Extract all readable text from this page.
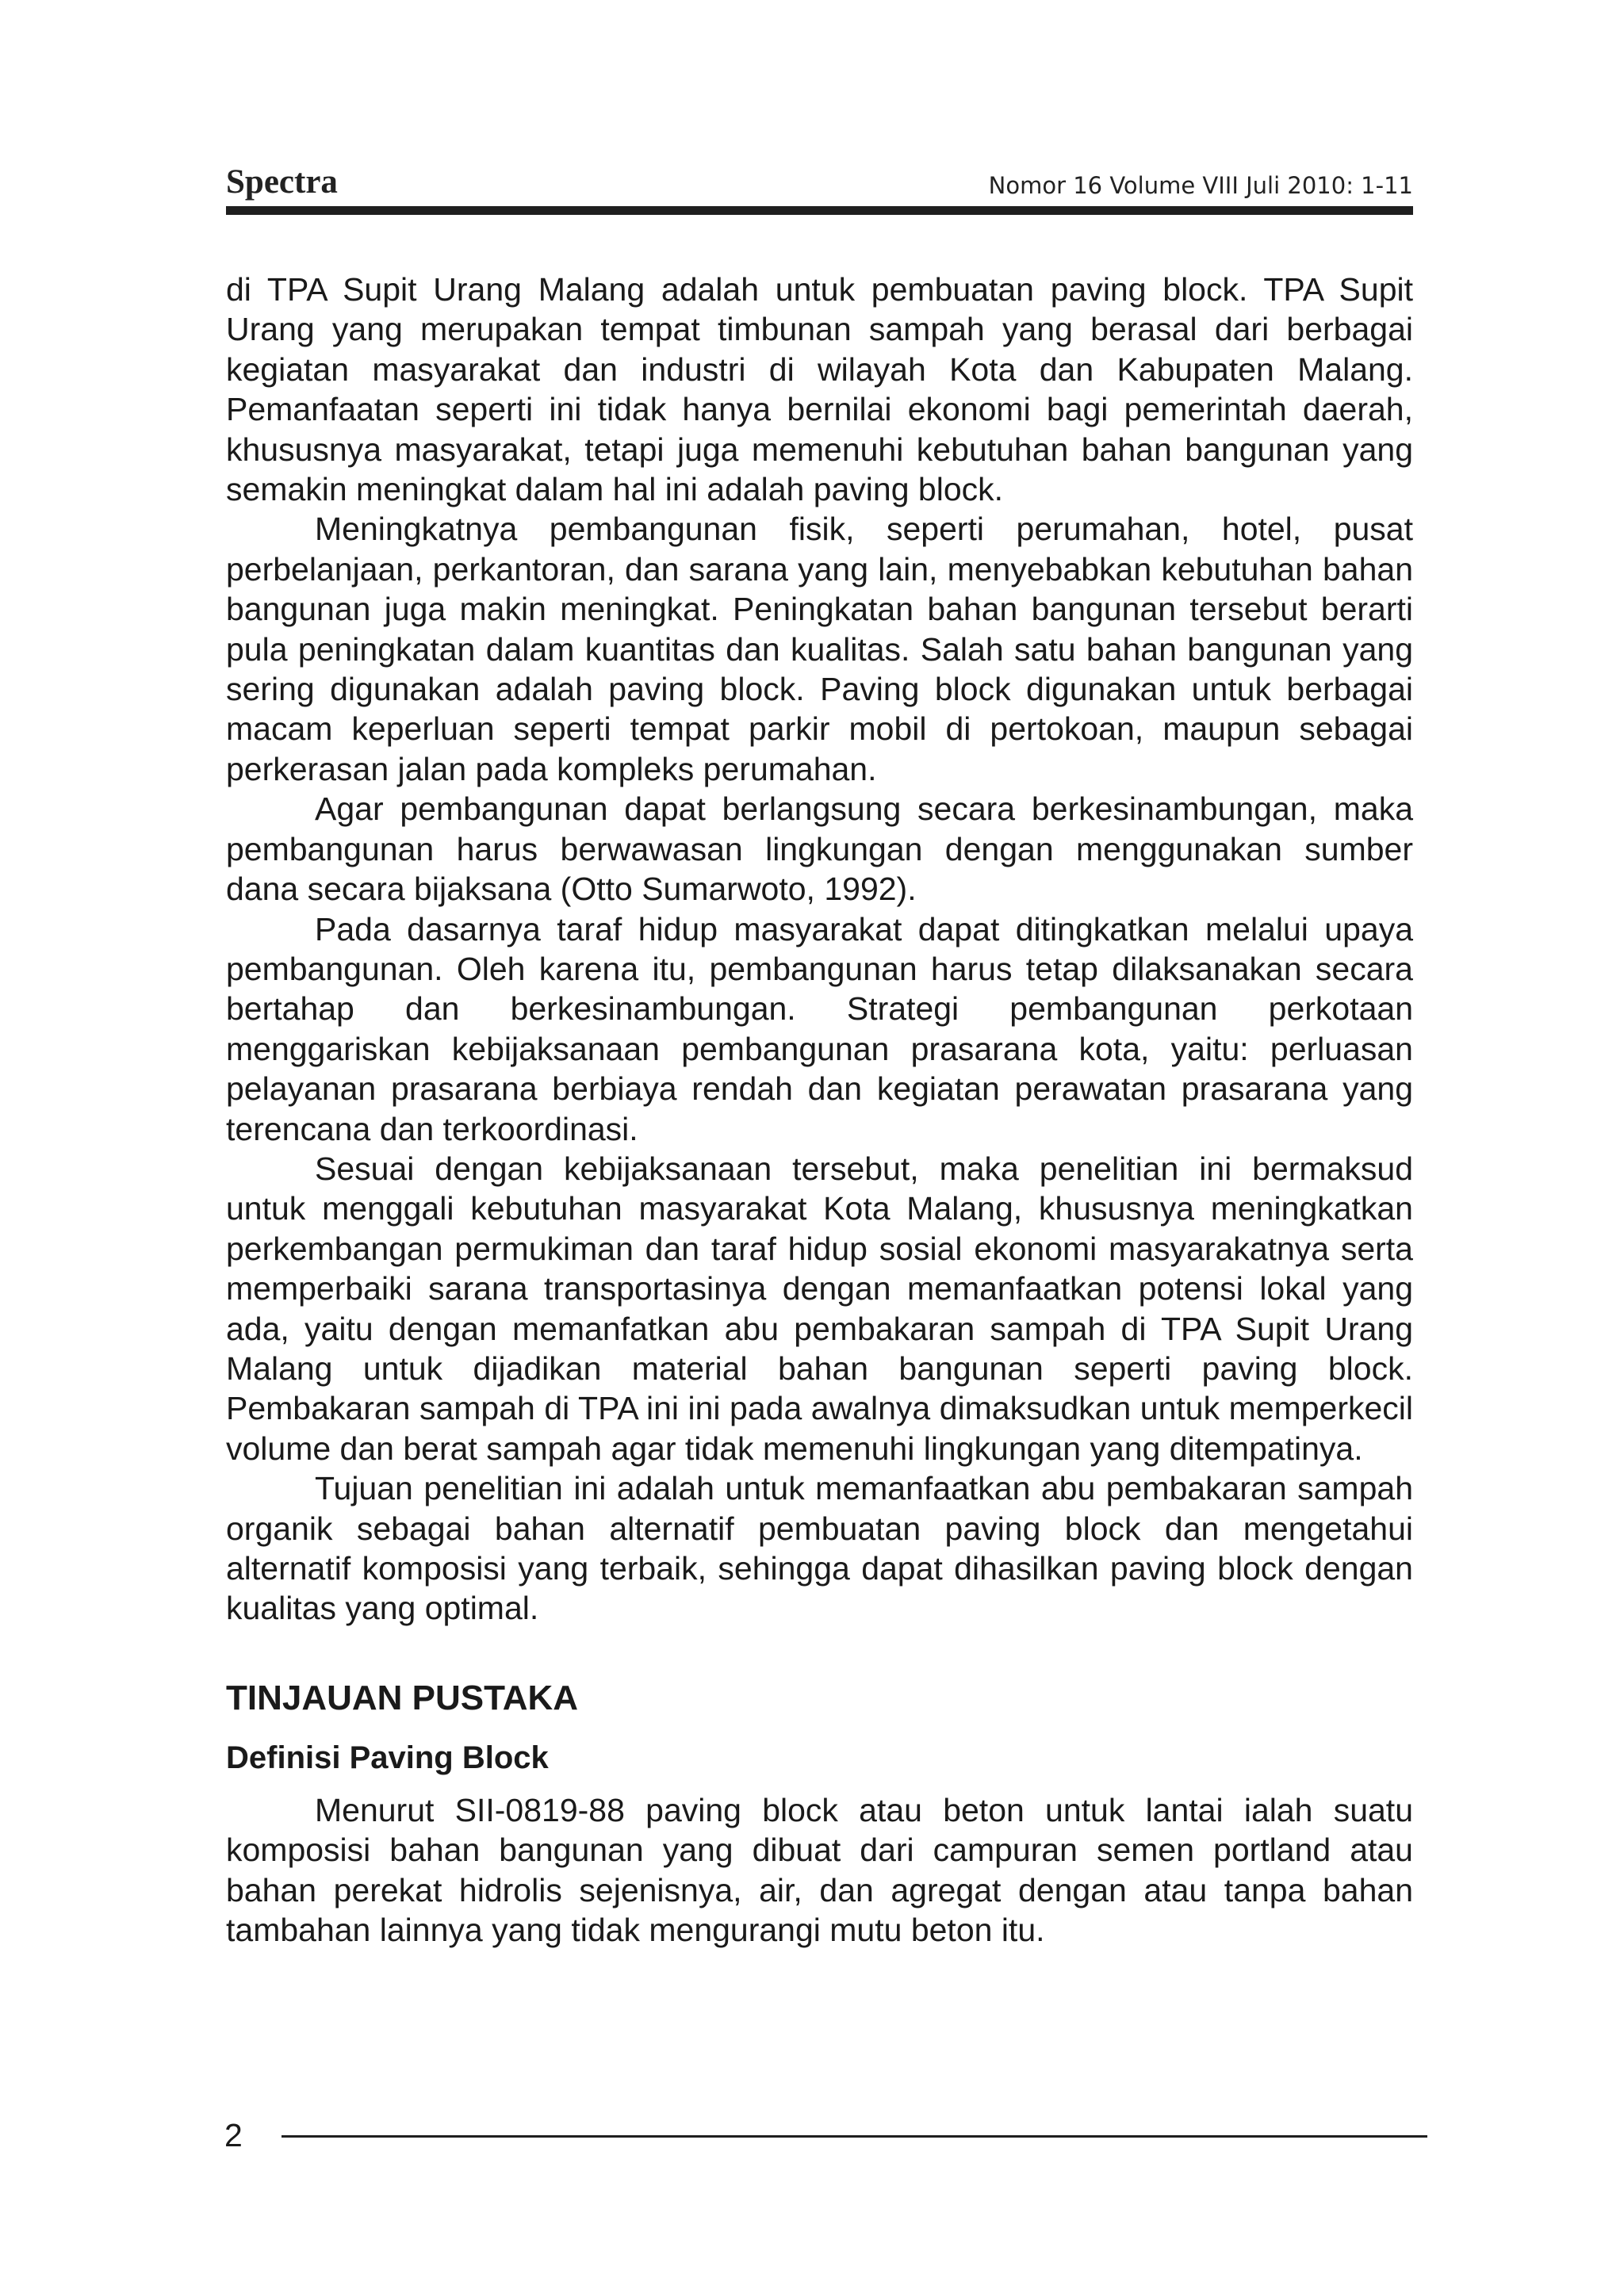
Spectra	Nomor 16 Volume VIII Juli 2010: 1-11

di TPA Supit Urang Malang adalah untuk pembuatan paving block. TPA Supit Urang yang merupakan tempat timbunan sampah yang berasal dari berbagai kegiatan masyarakat dan industri di wilayah Kota dan Kabupaten Malang. Pemanfaatan seperti ini tidak hanya bernilai ekonomi bagi pemerintah daerah, khususnya masyarakat, tetapi juga memenuhi kebutuhan bahan bangunan yang semakin meningkat dalam hal ini adalah paving block.

Meningkatnya pembangunan fisik, seperti perumahan, hotel, pusat perbelanjaan, perkantoran, dan sarana yang lain, menyebabkan kebutuhan bahan bangunan juga makin meningkat. Peningkatan bahan bangunan tersebut berarti pula peningkatan dalam kuantitas dan kualitas. Salah satu bahan bangunan yang sering digunakan adalah paving block. Paving block digunakan untuk berbagai macam keperluan seperti tempat parkir mobil di pertokoan, maupun sebagai perkerasan jalan pada kompleks perumahan.

Agar pembangunan dapat berlangsung secara berkesinambungan, maka pembangunan harus berwawasan lingkungan dengan menggunakan sumber dana secara bijaksana (Otto Sumarwoto, 1992).

Pada dasarnya taraf hidup masyarakat dapat ditingkatkan melalui upaya pembangunan. Oleh karena itu, pembangunan harus tetap dilaksanakan secara bertahap dan berkesinambungan. Strategi pembangunan perkotaan menggariskan kebijaksanaan pembangunan prasarana kota, yaitu: perluasan pelayanan prasarana berbiaya rendah dan kegiatan perawatan prasarana yang terencana dan terkoordinasi.

Sesuai dengan kebijaksanaan tersebut, maka penelitian ini bermaksud untuk menggali kebutuhan masyarakat Kota Malang, khususnya meningkatkan perkembangan permukiman dan taraf hidup sosial ekonomi masyarakatnya serta memperbaiki sarana transportasinya dengan memanfaatkan potensi lokal yang ada, yaitu dengan memanfatkan abu pembakaran sampah di TPA Supit Urang Malang untuk dijadikan material bahan bangunan seperti paving block. Pembakaran sampah di TPA ini ini pada awalnya dimaksudkan untuk memperkecil volume dan berat sampah agar tidak memenuhi lingkungan yang ditempatinya.

Tujuan penelitian ini adalah untuk memanfaatkan abu pembakaran sampah organik sebagai bahan alternatif pembuatan paving block dan mengetahui alternatif komposisi yang terbaik, sehingga dapat dihasilkan paving block dengan kualitas yang optimal.

TINJAUAN PUSTAKA
Definisi Paving Block

Menurut SII-0819-88 paving block atau beton untuk lantai ialah suatu komposisi bahan bangunan yang dibuat dari campuran semen portland atau bahan perekat hidrolis sejenisnya, air, dan agregat dengan atau tanpa bahan tambahan lainnya yang tidak mengurangi mutu beton itu.

2
